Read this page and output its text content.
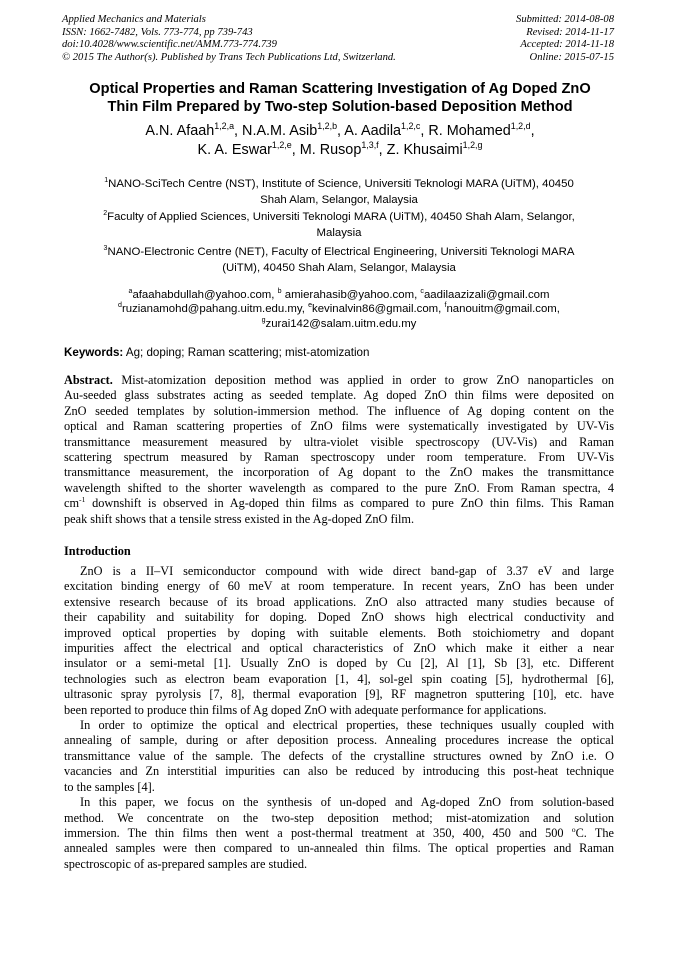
Applied Mechanics and Materials
ISSN: 1662-7482, Vols. 773-774, pp 739-743
doi:10.4028/www.scientific.net/AMM.773-774.739
© 2015 The Author(s). Published by Trans Tech Publications Ltd, Switzerland.
Submitted: 2014-08-08
Revised: 2014-11-17
Accepted: 2014-11-18
Online: 2015-07-15
Optical Properties and Raman Scattering Investigation of Ag Doped ZnO
Thin Film Prepared by Two-step Solution-based Deposition Method
A.N. Afaah$^{1,2,a}$, N.A.M. Asib$^{1,2,b}$, A. Aadila$^{1,2,c}$, R. Mohamed$^{1,2,d}$,
K. A. Eswar$^{1,2,e}$, M. Rusop$^{1,3,f}$, Z. Khusaimi$^{1,2,g}$
$^1$NANO-SciTech Centre (NST), Institute of Science, Universiti Teknologi MARA (UiTM), 40450
Shah Alam, Selangor, Malaysia
$^2$Faculty of Applied Sciences, Universiti Teknologi MARA (UiTM), 40450 Shah Alam, Selangor,
Malaysia
$^3$NANO-Electronic Centre (NET), Faculty of Electrical Engineering, Universiti Teknologi MARA
(UiTM), 40450 Shah Alam, Selangor, Malaysia
$^a$afaahabdullah@yahoo.com, $^b$ amierahasib@yahoo.com, $^c$aadilaazizali@gmail.com
$^d$ruzianamohd@pahang.uitm.edu.my, $^e$kevinalvin86@gmail.com, $^f$nanouitm@gmail.com,
$^g$zurai142@salam.uitm.edu.my
Keywords: Ag; doping; Raman scattering; mist-atomization
Abstract. Mist-atomization deposition method was applied in order to grow ZnO nanoparticles on
Au-seeded glass substrates acting as seeded template. Ag doped ZnO thin films were deposited on
ZnO seeded templates by solution-immersion method. The influence of Ag doping content on the
optical and Raman scattering properties of ZnO films were systematically investigated by UV-Vis
transmittance measurement measured by ultra-violet visible spectroscopy (UV-Vis) and Raman
scattering spectrum measured by Raman spectroscopy under room temperature. From UV-Vis
transmittance measurement, the incorporation of Ag dopant to the ZnO makes the transmittance
wavelength shifted to the shorter wavelength as compared to the pure ZnO. From Raman spectra, 4
$cm^{-1}$ downshift is observed in Ag-doped thin films as compared to pure ZnO thin films. This Raman
peak shift shows that a tensile stress existed in the Ag-doped ZnO film.
Introduction
ZnO is a II–VI semiconductor compound with wide direct band-gap of 3.37 eV and large
excitation binding energy of 60 meV at room temperature. In recent years, ZnO has been under
extensive research because of its broad applications. ZnO also attracted many studies because of
their capability and suitability for doping. Doped ZnO shows high electrical conductivity and
improved optical properties by doping with suitable elements. Both stoichiometry and dopant
impurities affect the electrical and optical characteristics of ZnO which make it either a near
insulator or a semi-metal [1]. Usually ZnO is doped by Cu [2], Al [1], Sb [3], etc. Different
technologies such as electron beam evaporation [1, 4], sol-gel spin coating [5], hydrothermal [6],
ultrasonic spray pyrolysis [7, 8], thermal evaporation [9], RF magnetron sputtering [10], etc. have
been reported to produce thin films of Ag doped ZnO with adequate performance for applications.
In order to optimize the optical and electrical properties, these techniques usually coupled with
annealing of sample, during or after deposition process. Annealing procedures increase the optical
transmittance value of the sample. The defects of the crystalline structures owned by ZnO i.e. O
vacancies and Zn interstitial impurities can also be reduced by introducing this post-heat technique
to the samples [4].
In this paper, we focus on the synthesis of un-doped and Ag-doped ZnO from solution-based
method. We concentrate on the two-step deposition method; mist-atomization and solution
immersion. The thin films then went a post-thermal treatment at 350, 400, 450 and 500 $^o$C. The
annealed samples were then compared to un-annealed thin films. The optical properties and Raman
spectroscopic of as-prepared samples are studied.
